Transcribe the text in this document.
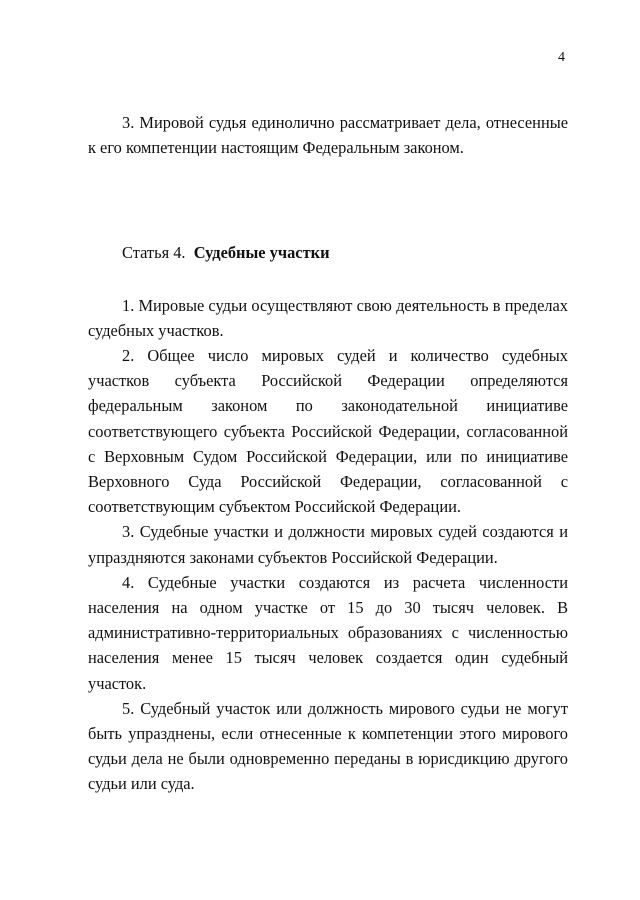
4

3. Мировой судья единолично рассматривает дела, отнесенные к его компетенции настоящим Федеральным законом.

Статья 4. Судебные участки

1. Мировые судьи осуществляют свою деятельность в пределах судебных участков.

2. Общее число мировых судей и количество судебных участков субъекта Российской Федерации определяются федеральным законом по законодательной инициативе соответствующего субъекта Российской Федерации, согласованной с Верховным Судом Российской Федерации, или по инициативе Верховного Суда Российской Федерации, согласованной с соответствующим субъектом Российской Федерации.

3. Судебные участки и должности мировых судей создаются и упраздняются законами субъектов Российской Федерации.

4. Судебные участки создаются из расчета численности населения на одном участке от 15 до 30 тысяч человек. В административно-территориальных образованиях с численностью населения менее 15 тысяч человек создается один судебный участок.

5. Судебный участок или должность мирового судьи не могут быть упразднены, если отнесенные к компетенции этого мирового судьи дела не были одновременно переданы в юрисдикцию другого судьи или суда.
